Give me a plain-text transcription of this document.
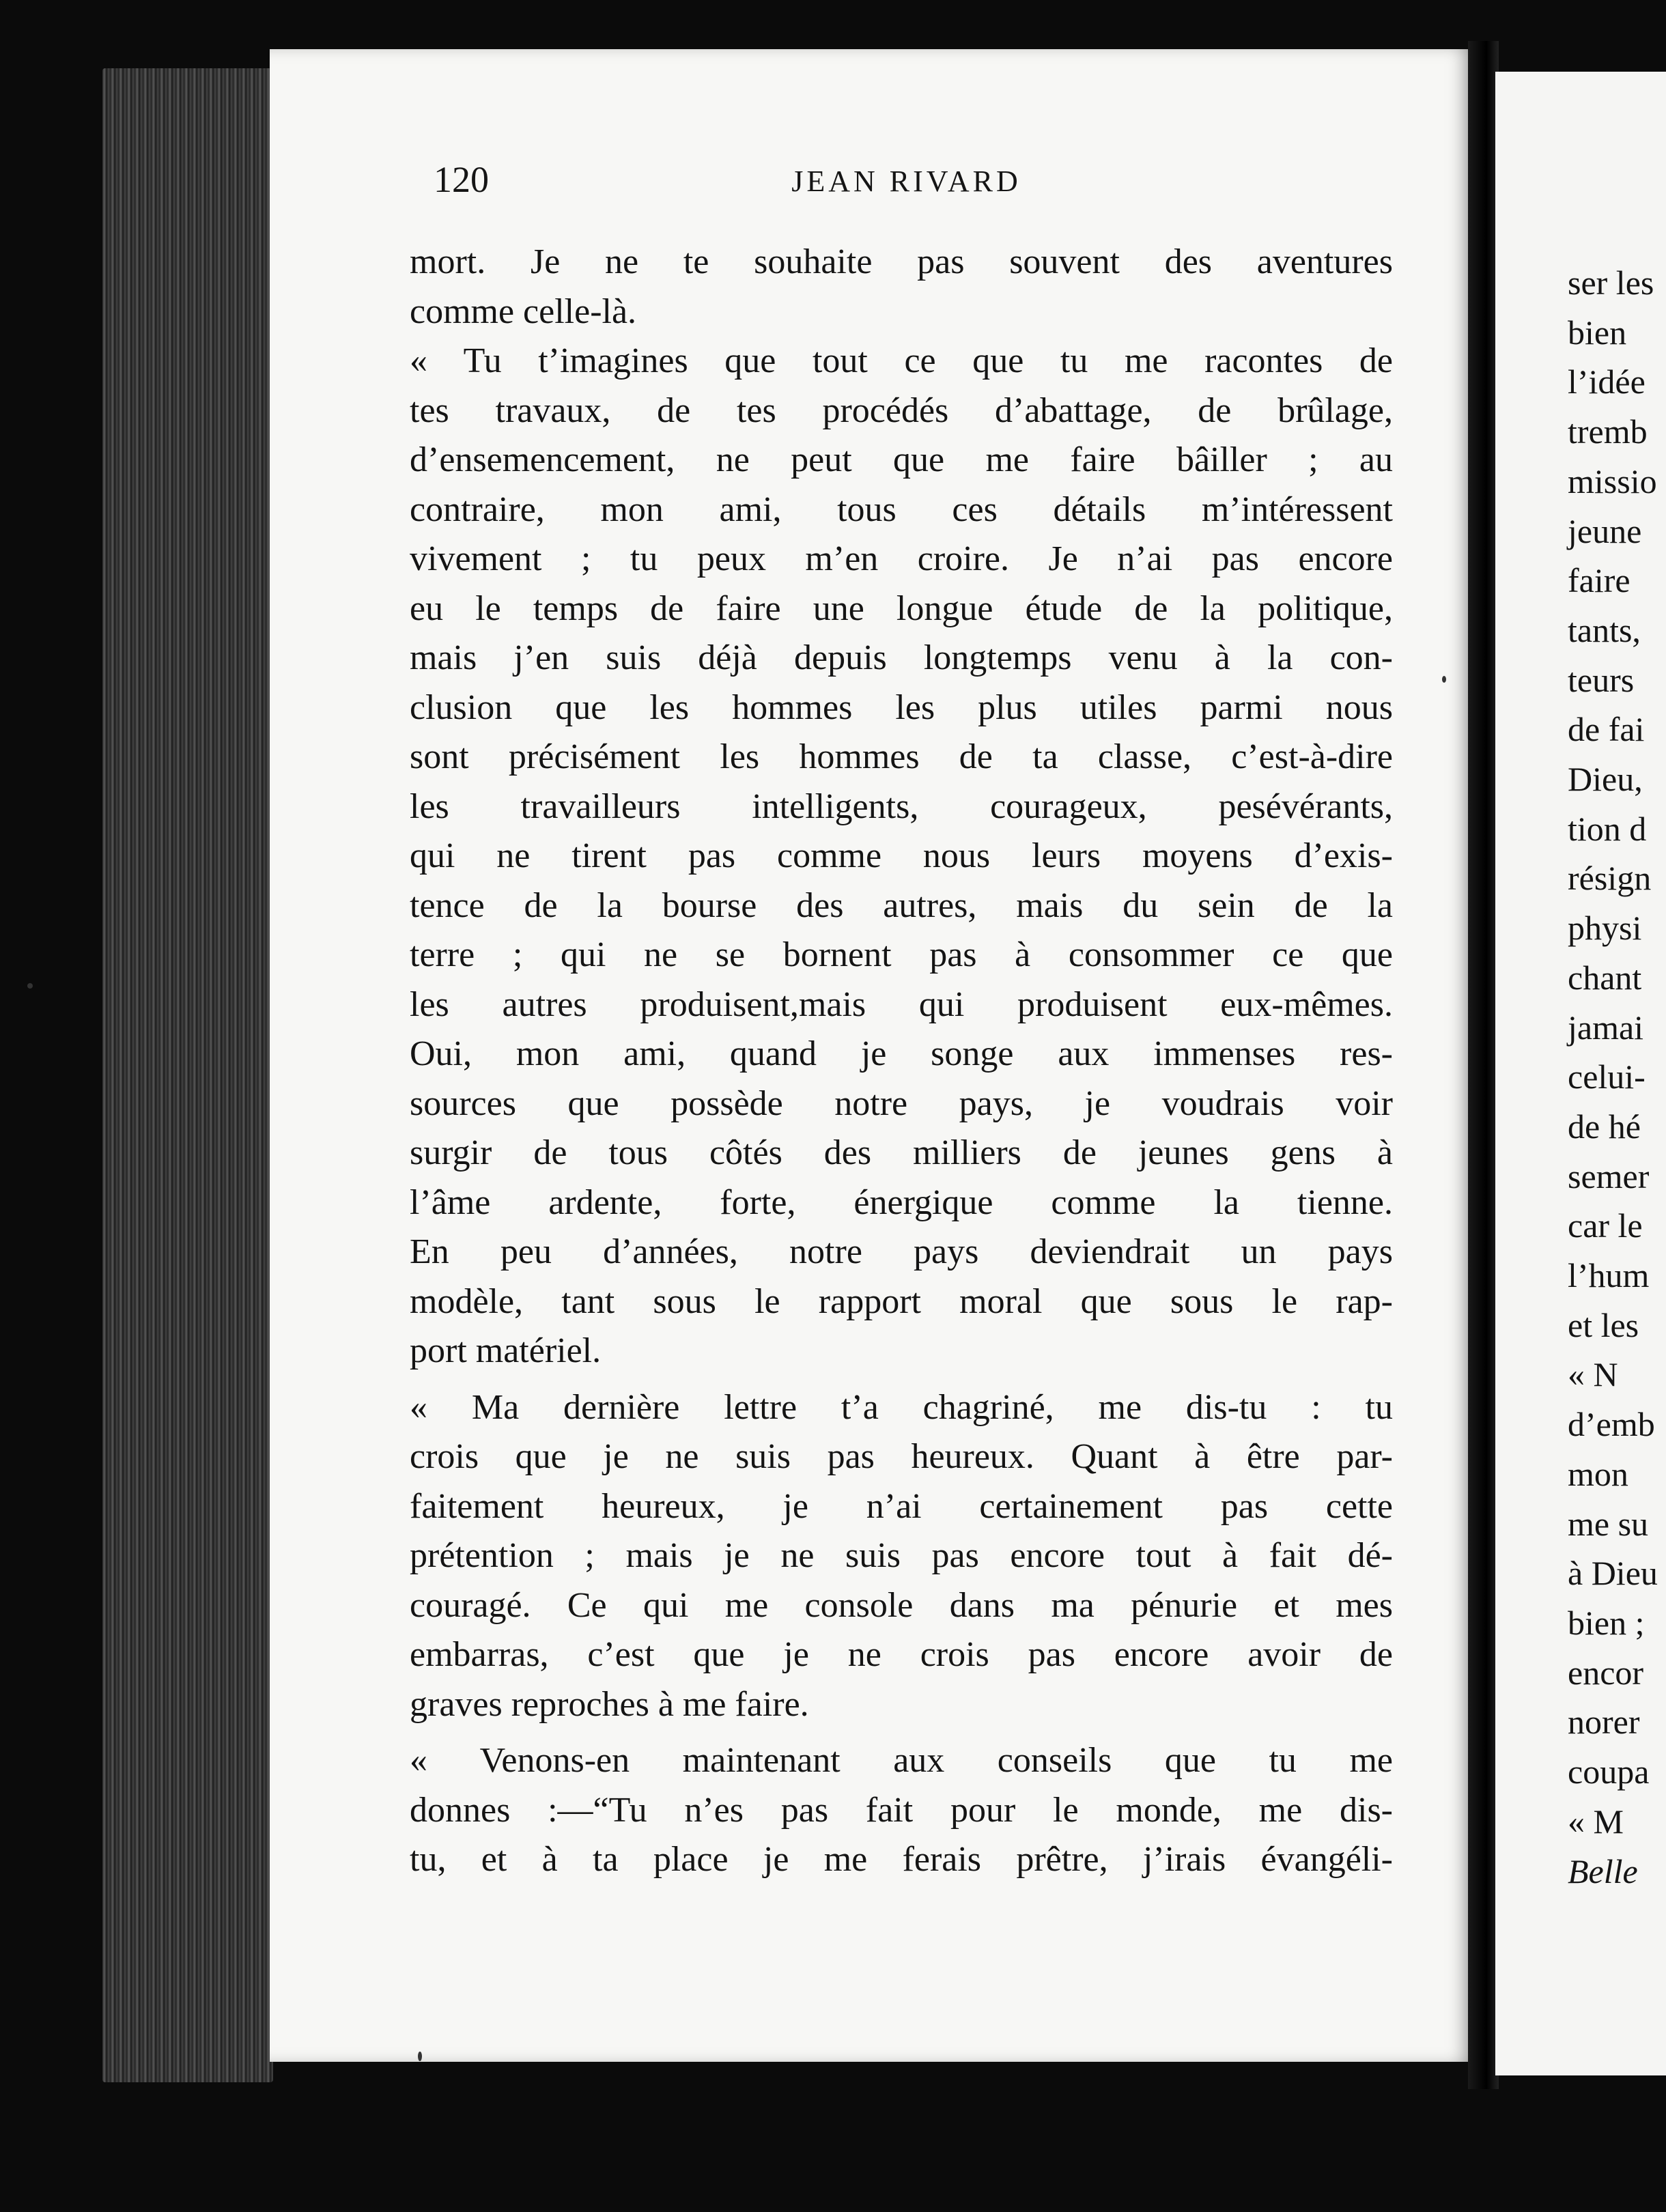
120	JEAN RIVARD
mort. Je ne te souhaite pas souvent des aventures
comme celle-là.
« Tu t’imagines que tout ce que tu me racontes de
tes travaux, de tes procédés d’abattage, de brûlage,
d’ensemencement, ne peut que me faire bâiller ; au
contraire, mon ami, tous ces détails m’intéressent
vivement ; tu peux m’en croire. Je n’ai pas encore
eu le temps de faire une longue étude de la politique,
mais j’en suis déjà depuis longtemps venu à la con-
clusion que les hommes les plus utiles parmi nous
sont précisément les hommes de ta classe, c’est-à-dire
les travailleurs intelligents, courageux, pesévérants,
qui ne tirent pas comme nous leurs moyens d’exis-
tence de la bourse des autres, mais du sein de la
terre ; qui ne se bornent pas à consommer ce que
les autres produisent,mais qui produisent eux-mêmes.
Oui, mon ami, quand je songe aux immenses res-
sources que possède notre pays, je voudrais voir
surgir de tous côtés des milliers de jeunes gens à
l’âme ardente, forte, énergique comme la tienne.
En peu d’années, notre pays deviendrait un pays
modèle, tant sous le rapport moral que sous le rap-
port matériel.
« Ma dernière lettre t’a chagriné, me dis-tu : tu
crois que je ne suis pas heureux. Quant à être par-
faitement heureux, je n’ai certainement pas cette
prétention ; mais je ne suis pas encore tout à fait dé-
couragé. Ce qui me console dans ma pénurie et mes
embarras, c’est que je ne crois pas encore avoir de
graves reproches à me faire.
« Venons-en maintenant aux conseils que tu me
donnes :—“Tu n’es pas fait pour le monde, me dis-
tu, et à ta place je me ferais prêtre, j’irais évangéli-
ser les
bien
l’idée
tremb
missio
jeune
faire
tants,
teurs
de fai
Dieu,
tion d
résign
physi
chant
jamai
celui-
de hé
semer
car le
l’hum
et les
« N
d’emb
mon
me su
à Dieu
bien ;
encor
norer
coupa
« M
Belle
